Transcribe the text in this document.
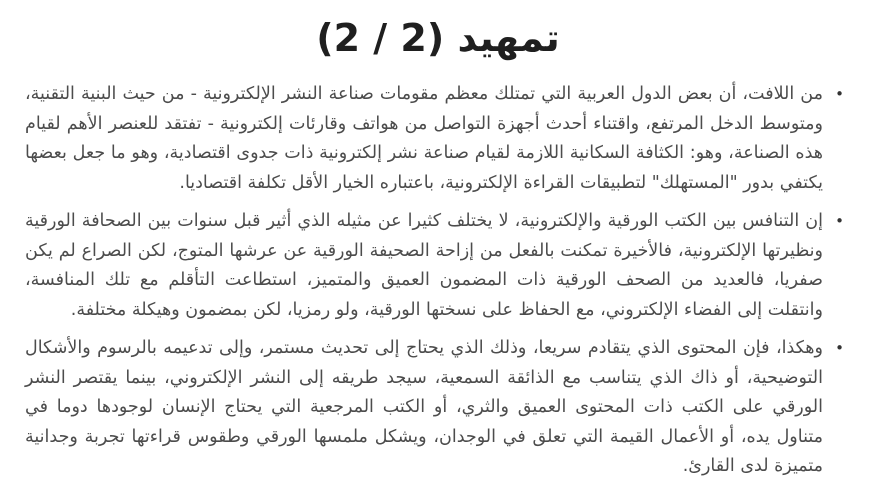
تمهيد (2 / 2)
•
من اللافت، أن بعض الدول العربية التي تمتلك معظم مقومات صناعة النشر الإلكترونية - من حيث البنية التقنية، ومتوسط الدخل المرتفع، واقتناء أحدث أجهزة التواصل من هواتف وقارئات إلكترونية - تفتقد للعنصر الأهم لقيام هذه الصناعة، وهو: الكثافة السكانية اللازمة لقيام صناعة نشر إلكترونية ذات جدوى اقتصادية، وهو ما جعل بعضها يكتفي بدور "المستهلك" لتطبيقات القراءة الإلكترونية، باعتباره الخيار الأقل تكلفة اقتصاديا.
•
إن التنافس بين الكتب الورقية والإلكترونية، لا يختلف كثيرا عن مثيله الذي أثير قبل سنوات بين الصحافة الورقية ونظيرتها الإلكترونية، فالأخيرة تمكنت بالفعل من إزاحة الصحيفة الورقية عن عرشها المتوج، لكن الصراع لم يكن صفريا، فالعديد من الصحف الورقية ذات المضمون العميق والمتميز، استطاعت التأقلم مع تلك المنافسة، وانتقلت إلى الفضاء الإلكتروني، مع الحفاظ على نسختها الورقية، ولو رمزيا، لكن بمضمون وهيكلة مختلفة.
•
وهكذا، فإن المحتوى الذي يتقادم سريعا، وذلك الذي يحتاج إلى تحديث مستمر، وإلى تدعيمه بالرسوم والأشكال التوضيحية، أو ذاك الذي يتناسب مع الذائقة السمعية، سيجد طريقه إلى النشر الإلكتروني، بينما يقتصر النشر الورقي على الكتب ذات المحتوى العميق والثري، أو الكتب المرجعية التي يحتاج الإنسان لوجودها دوما في متناول يده، أو الأعمال القيمة التي تعلق في الوجدان، ويشكل ملمسها الورقي وطقوس قراءتها تجربة وجدانية متميزة لدى القارئ.
